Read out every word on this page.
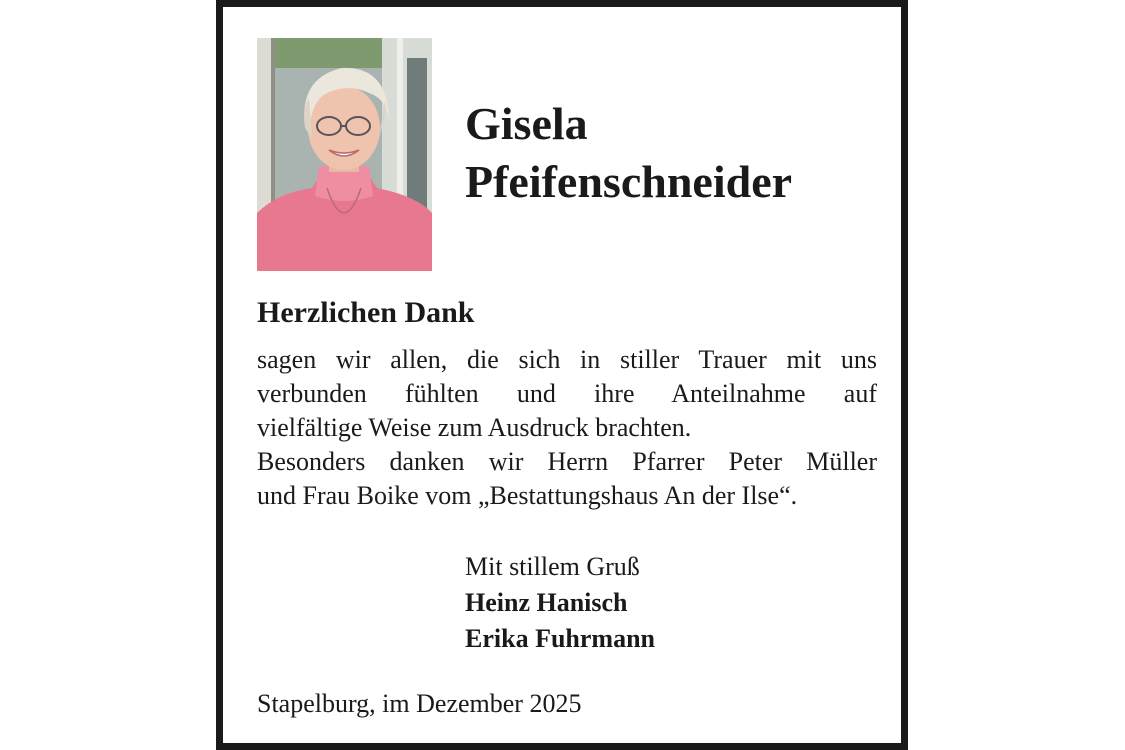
Gisela
Pfeifenschneider
Herzlichen Dank
sagen wir allen, die sich in stiller Trauer mit uns
verbunden fühlten und ihre Anteilnahme auf
vielfältige Weise zum Ausdruck brachten.
Besonders danken wir Herrn Pfarrer Peter Müller
und Frau Boike vom „Bestattungshaus An der Ilse“.
Mit stillem Gruß
Heinz Hanisch
Erika Fuhrmann
Stapelburg, im Dezember 2025
